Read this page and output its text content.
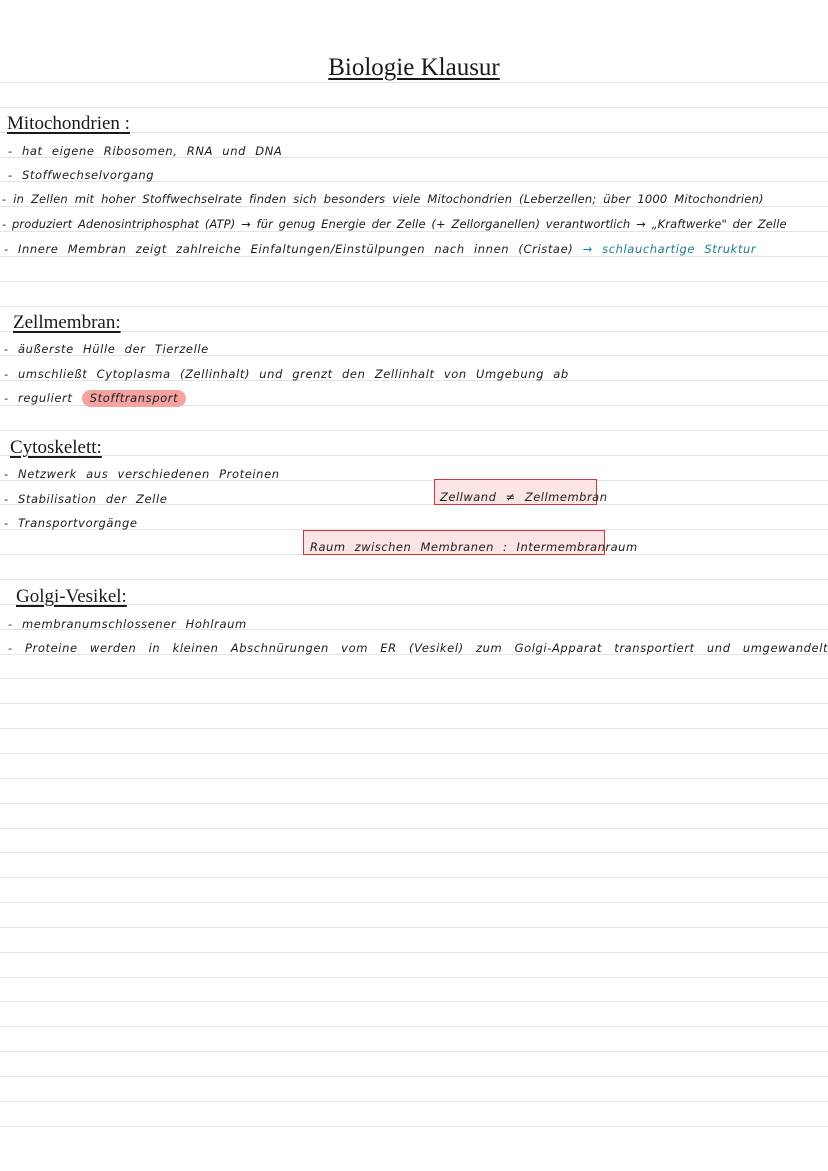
Biologie Klausur
Mitochondrien :
- hat eigene Ribosomen, RNA und DNA
- Stoffwechselvorgang
- in Zellen mit hoher Stoffwechselrate finden sich besonders viele Mitochondrien (Leberzellen; über 1000 Mitochondrien)
- produziert Adenosintriphosphat (ATP) → für genug Energie der Zelle (+ Zellorganellen) verantwortlich → „Kraftwerke" der Zelle
- Innere Membran zeigt zahlreiche Einfaltungen/Einstülpungen nach innen (Cristae) → schlauchartige Struktur
Zellmembran:
- äußerste Hülle der Tierzelle
- umschließt Cytoplasma (Zellinhalt) und grenzt den Zellinhalt von Umgebung ab
- reguliert Stofftransport
Cytoskelett:
- Netzwerk aus verschiedenen Proteinen
- Stabilisation der Zelle
- Transportvorgänge
Zellwand ≠ Zellmembran
Raum zwischen Membranen : Intermembranraum
Golgi-Vesikel:
- membranumschlossener Hohlraum
- Proteine werden in kleinen Abschnürungen vom ER (Vesikel) zum Golgi-Apparat transportiert und umgewandelt
